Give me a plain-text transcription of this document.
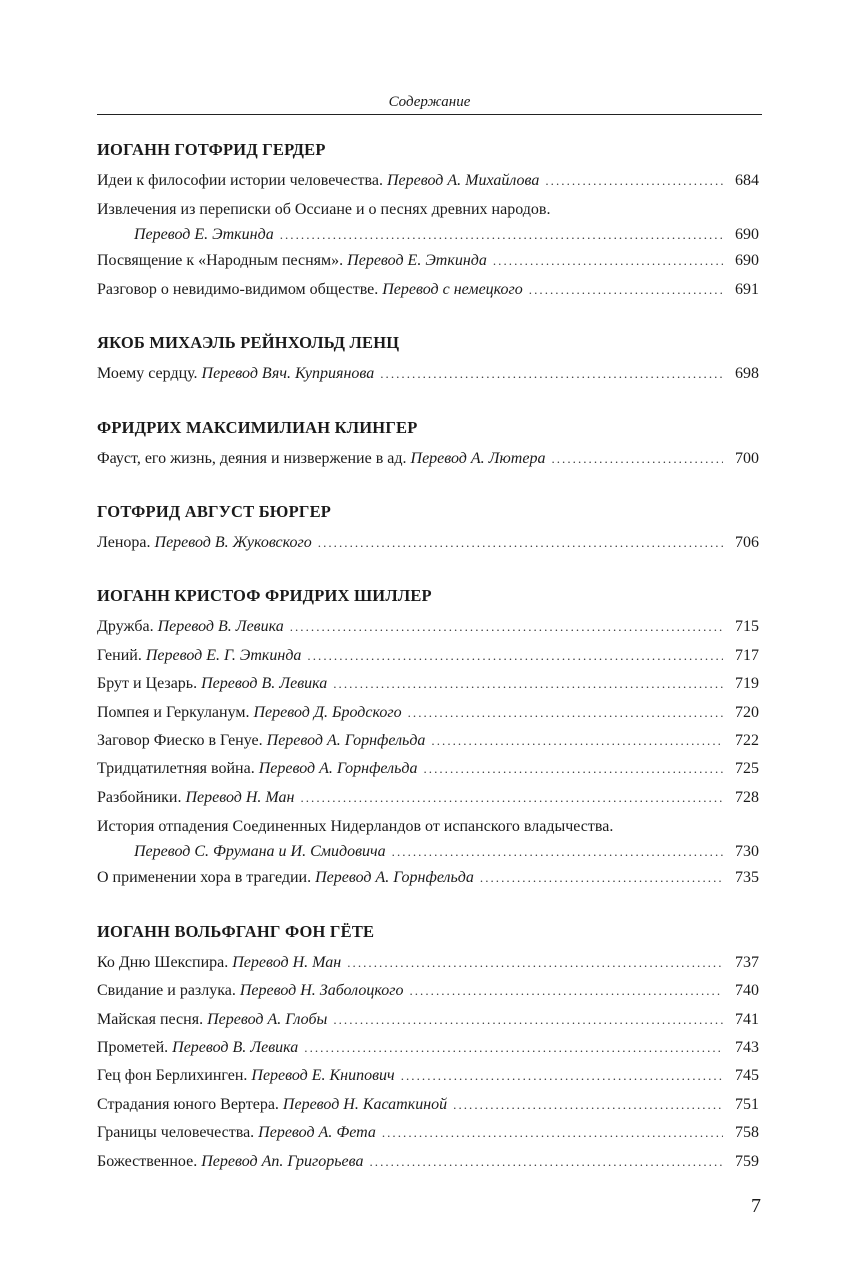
Содержание
ИОГАНН ГОТФРИД ГЕРДЕР
Идеи к философии истории человечества. Перевод А. Михайлова . . .	684
Извлечения из переписки об Оссиане и о песнях древних народов.
Перевод Е. Эткинда . . .	690
Посвящение к «Народным песням». Перевод Е. Эткинда . . .	690
Разговор о невидимо-видимом обществе. Перевод с немецкого . . .	691
ЯКОБ МИХАЭЛЬ РЕЙНХОЛЬД ЛЕНЦ
Моему сердцу. Перевод Вяч. Куприянова . . .	698
ФРИДРИХ МАКСИМИЛИАН КЛИНГЕР
Фауст, его жизнь, деяния и низвержение в ад. Перевод А. Лютера . . .	700
ГОТФРИД АВГУСТ БЮРГЕР
Ленора. Перевод В. Жуковского . . .	706
ИОГАНН КРИСТОФ ФРИДРИХ ШИЛЛЕР
Дружба. Перевод В. Левика . . .	715
Гений. Перевод Е. Г. Эткинда . . .	717
Брут и Цезарь. Перевод В. Левика . . .	719
Помпея и Геркуланум. Перевод Д. Бродского . . .	720
Заговор Фиеско в Генуе. Перевод А. Горнфельда . . .	722
Тридцатилетняя война. Перевод А. Горнфельда . . .	725
Разбойники. Перевод Н. Ман . . .	728
История отпадения Соединенных Нидерландов от испанского владычества.
Перевод С. Фрумана и И. Смидовича . . .	730
О применении хора в трагедии. Перевод А. Горнфельда . . .	735
ИОГАНН ВОЛЬФГАНГ ФОН ГЁТЕ
Ко Дню Шекспира. Перевод Н. Ман . . .	737
Свидание и разлука. Перевод Н. Заболоцкого . . .	740
Майская песня. Перевод А. Глобы . . .	741
Прометей. Перевод В. Левика . . .	743
Гец фон Берлихинген. Перевод Е. Книпович . . .	745
Страдания юного Вертера. Перевод Н. Касаткиной . . .	751
Границы человечества. Перевод А. Фета . . .	758
Божественное. Перевод Ап. Григорьева . . .	759
7
